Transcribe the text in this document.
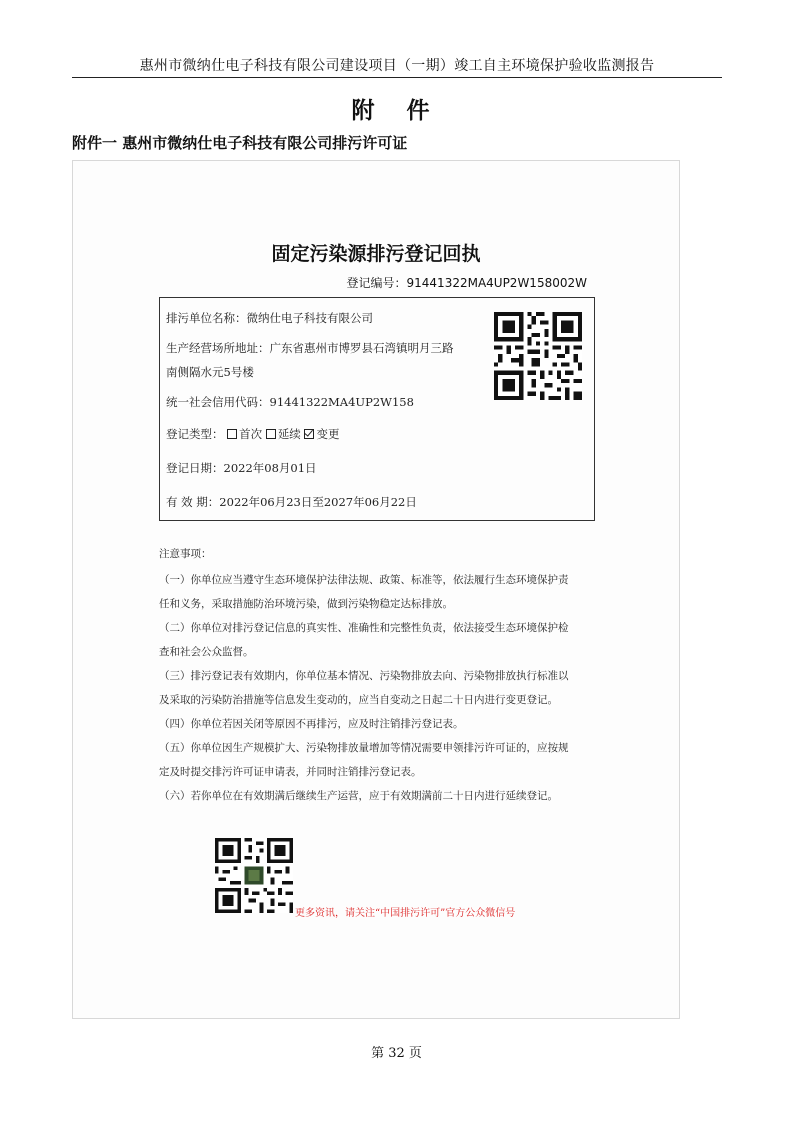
惠州市微纳仕电子科技有限公司建设项目（一期）竣工自主环境保护验收监测报告
附 件
附件一 惠州市微纳仕电子科技有限公司排污许可证
固定污染源排污登记回执
登记编号：91441322MA4UP2W158002W
排污单位名称：微纳仕电子科技有限公司
生产经营场所地址：广东省惠州市博罗县石湾镇明月三路
南侧隔水元5号楼
统一社会信用代码：91441322MA4UP2W158
登记类型： 首次 延续 变更
登记日期：2022年08月01日
有 效 期：2022年06月23日至2027年06月22日
注意事项：
（一）你单位应当遵守生态环境保护法律法规、政策、标准等，依法履行生态环境保护责
任和义务，采取措施防治环境污染，做到污染物稳定达标排放。
（二）你单位对排污登记信息的真实性、准确性和完整性负责，依法接受生态环境保护检
查和社会公众监督。
（三）排污登记表有效期内，你单位基本情况、污染物排放去向、污染物排放执行标准以
及采取的污染防治措施等信息发生变动的，应当自变动之日起二十日内进行变更登记。
（四）你单位若因关闭等原因不再排污，应及时注销排污登记表。
（五）你单位因生产规模扩大、污染物排放量增加等情况需要申领排污许可证的，应按规
定及时提交排污许可证申请表，并同时注销排污登记表。
（六）若你单位在有效期满后继续生产运营，应于有效期满前二十日内进行延续登记。
更多资讯，请关注“中国排污许可”官方公众微信号
第 32 页
